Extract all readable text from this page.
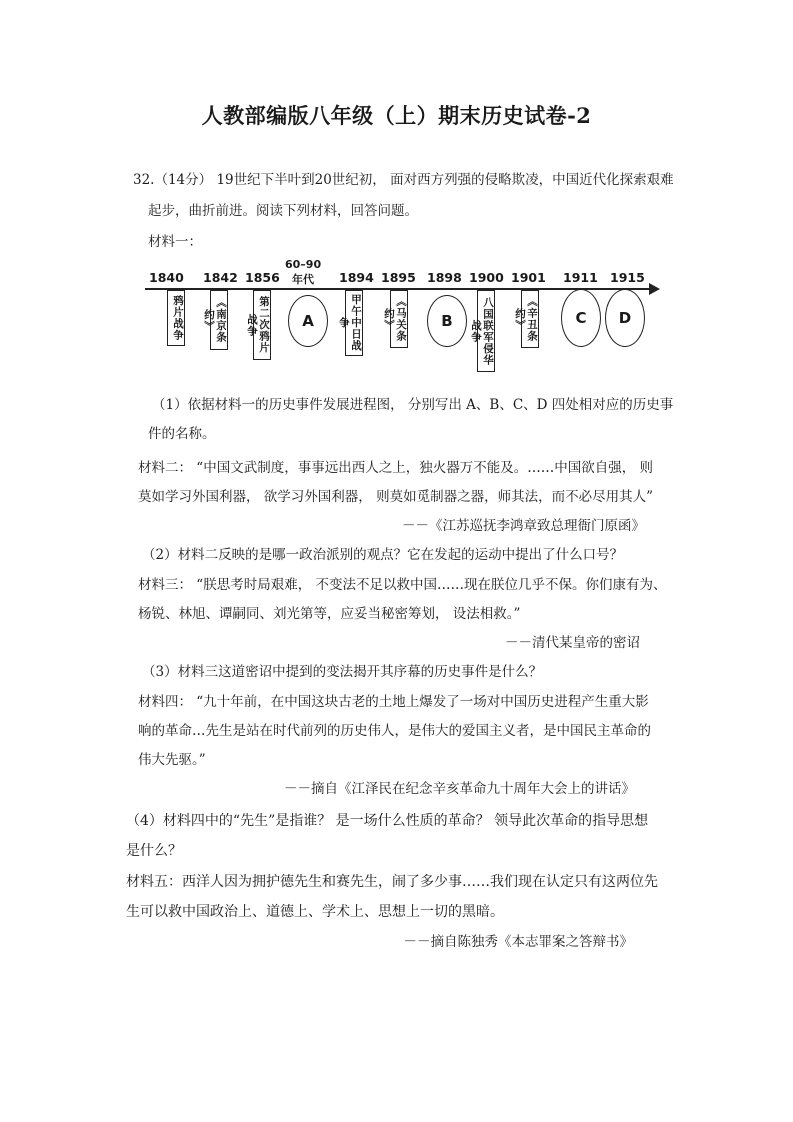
人教部编版八年级（上）期末历史试卷-2
32.（14分） 19世纪下半叶到20世纪初， 面对西方列强的侵略欺凌，中国近代化探索艰难
起步，曲折前进。阅读下列材料，回答问题。
材料一：
1840 1842 1856
60–90
年代 1894 1895 1898 1900 1901 1911 1915
鸦片战争	《南京条约》	第二次鸦片战争	A	甲午中日战争	《马关条约》	B	八国联军侵华战争	《辛丑条约》	C	D
（1）依据材料一的历史事件发展进程图， 分别写出 A、B、C、D 四处相对应的历史事
件的名称。
材料二： “中国文武制度，事事远出西人之上，独火器万不能及。……中国欲自强， 则
莫如学习外国利器， 欲学习外国利器， 则莫如觅制器之器，师其法，而不必尽用其人”
－－《江苏巡抚李鸿章致总理衙门原函》
（2）材料二反映的是哪一政治派别的观点？它在发起的运动中提出了什么口号？
材料三： “朕思考时局艰难， 不变法不足以救中国……现在朕位几乎不保。你们康有为、
杨锐、林旭、谭嗣同、刘光第等，应妥当秘密筹划， 设法相救。”
－－清代某皇帝的密诏
（3）材料三这道密诏中提到的变法揭开其序幕的历史事件是什么？
材料四： “九十年前，在中国这块古老的土地上爆发了一场对中国历史进程产生重大影
响的革命…先生是站在时代前列的历史伟人，是伟大的爱国主义者，是中国民主革命的
伟大先驱。”
－－摘自《江泽民在纪念辛亥革命九十周年大会上的讲话》
（4）材料四中的“先生”是指谁？ 是一场什么性质的革命？ 领导此次革命的指导思想
是什么？
材料五：西洋人因为拥护德先生和赛先生，闹了多少事……我们现在认定只有这两位先
生可以救中国政治上、道德上、学术上、思想上一切的黑暗。
－－摘自陈独秀《本志罪案之答辩书》
